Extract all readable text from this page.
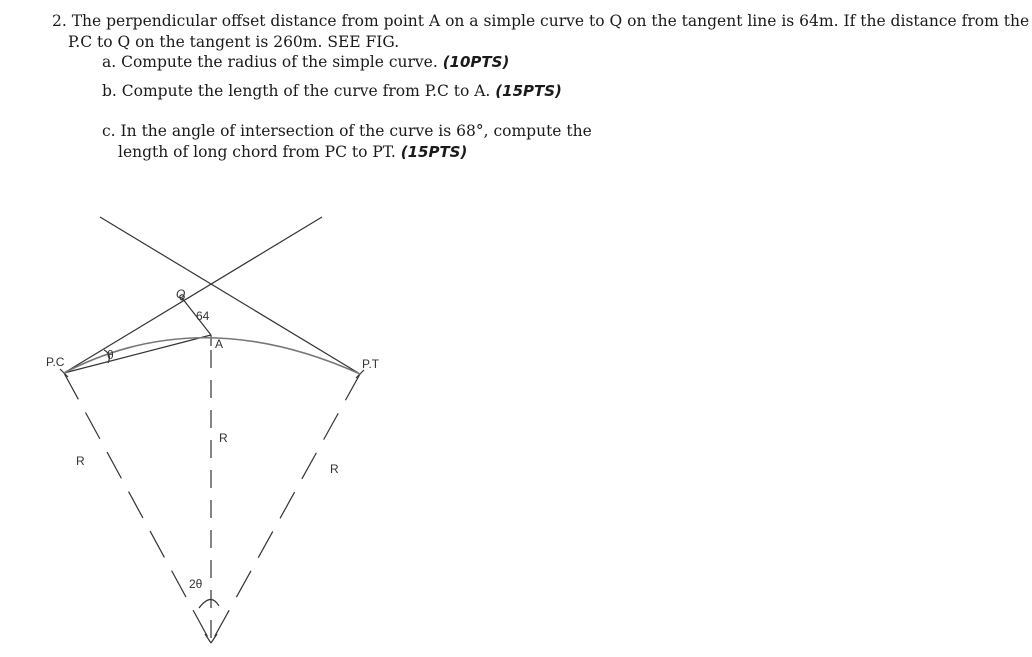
2. The perpendicular offset distance from point A on a simple curve to Q on the tangent line is 64m. If the distance from the
P.C to Q on the tangent is 260m. SEE FIG.
a. Compute the radius of the simple curve. (10PTS)
b. Compute the length of the curve from P.C to A. (15PTS)
c. In the angle of intersection of the curve is 68°, compute the
length of long chord from PC to PT. (15PTS)
P.C	P.T
Q
A
64
θ
R
R
R
2θ
